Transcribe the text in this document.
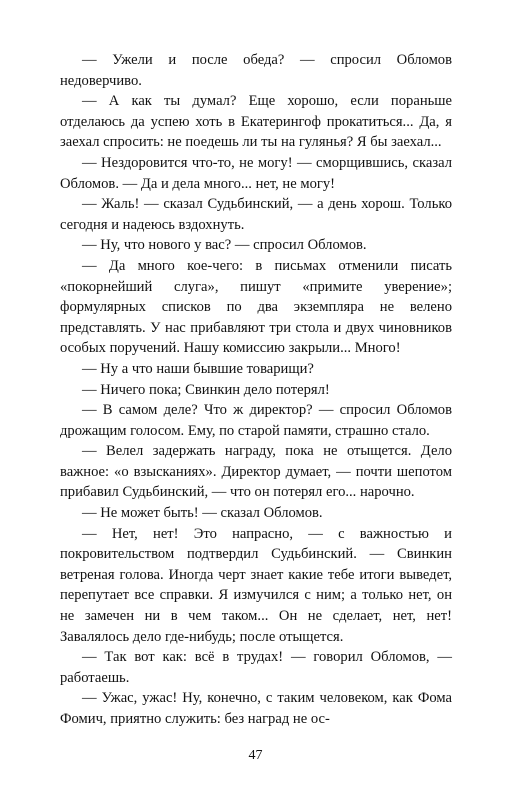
— Ужели и после обеда? — спросил Обломов недоверчиво.

— А как ты думал? Еще хорошо, если пораньше отделаюсь да успею хоть в Екатерингоф прокатиться... Да, я заехал спросить: не поедешь ли ты на гулянья? Я бы заехал...

— Нездоровится что-то, не могу! — сморщившись, сказал Обломов. — Да и дела много... нет, не могу!

— Жаль! — сказал Судьбинский, — а день хорош. Только сегодня и надеюсь вздохнуть.

— Ну, что нового у вас? — спросил Обломов.

— Да много кое-чего: в письмах отменили писать «покорнейший слуга», пишут «примите уверение»; формулярных списков по два экземпляра не велено представлять. У нас прибавляют три стола и двух чиновников особых поручений. Нашу комиссию закрыли... Много!

— Ну а что наши бывшие товарищи?

— Ничего пока; Свинкин дело потерял!

— В самом деле? Что ж директор? — спросил Обломов дрожащим голосом. Ему, по старой памяти, страшно стало.

— Велел задержать награду, пока не отыщется. Дело важное: «о взысканиях». Директор думает, — почти шепотом прибавил Судьбинский, — что он потерял его... нарочно.

— Не может быть! — сказал Обломов.

— Нет, нет! Это напрасно, — с важностью и покровительством подтвердил Судьбинский. — Свинкин ветреная голова. Иногда черт знает какие тебе итоги выведет, перепутает все справки. Я измучился с ним; а только нет, он не замечен ни в чем таком... Он не сделает, нет, нет! Завалялось дело где-нибудь; после отыщется.

— Так вот как: всё в трудах! — говорил Обломов, — работаешь.

— Ужас, ужас! Ну, конечно, с таким человеком, как Фома Фомич, приятно служить: без наград не ос-

47
